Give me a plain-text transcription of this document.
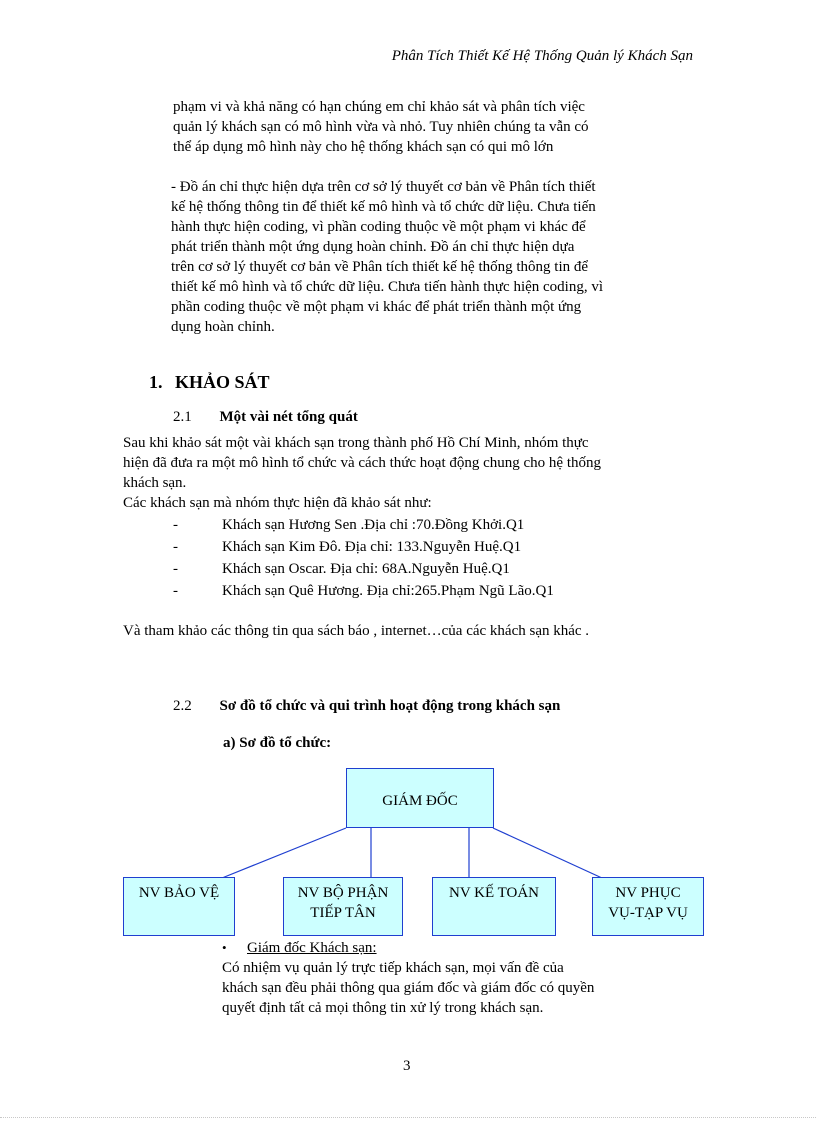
Phân Tích Thiết Kế Hệ Thống Quản lý Khách Sạn
phạm vi và khả năng có hạn chúng em chỉ khảo sát và phân tích việc
quản lý khách sạn có mô hình vừa và nhỏ. Tuy nhiên chúng ta vẫn có
thể áp dụng mô hình này cho hệ thống khách sạn có qui mô lớn
- Đồ án chỉ thực hiện dựa trên cơ sở lý thuyết cơ bản về Phân tích thiết
kế hệ thống thông tin để thiết kế mô hình và tổ chức dữ liệu. Chưa tiến
hành thực hiện coding, vì phần coding thuộc về một phạm vi khác để
phát triển thành một ứng dụng hoàn chỉnh. Đồ án chỉ thực hiện dựa
trên cơ sở lý thuyết cơ bản về Phân tích thiết kế hệ thống thông tin để
thiết kế mô hình và tổ chức dữ liệu. Chưa tiến hành thực hiện coding, vì
phần coding thuộc về một phạm vi khác để phát triển thành một ứng
dụng hoàn chỉnh.
1. KHẢO SÁT
2.1 Một vài nét tổng quát
Sau khi khảo sát một vài khách sạn trong thành phố Hồ Chí Minh, nhóm thực
hiện đã đưa ra một mô hình tổ chức và cách thức hoạt động chung cho hệ thống
khách sạn.
Các khách sạn mà nhóm thực hiện đã khảo sát như:
-	Khách sạn Hương Sen .Địa chỉ :70.Đồng Khởi.Q1
-	Khách sạn Kim Đô. Địa chỉ: 133.Nguyễn Huệ.Q1
-	Khách sạn Oscar. Địa chỉ: 68A.Nguyễn Huệ.Q1
-	Khách sạn Quê Hương. Địa chỉ:265.Phạm Ngũ Lão.Q1
Và tham khảo các thông tin qua sách báo , internet…của các khách sạn khác .
2.2 Sơ đồ tổ chức và qui trình hoạt động trong khách sạn
a) Sơ đồ tổ chức:
GIÁM ĐỐC
NV BẢO VỆ	NV BỘ PHẬN
TIẾP TÂN
NV KẾ TOÁN	NV PHỤC
VỤ-TẠP VỤ
• Giám đốc Khách sạn:
Có nhiệm vụ quản lý trực tiếp khách sạn, mọi vấn đề của
khách sạn đều phải thông qua giám đốc và giám đốc có quyền
quyết định tất cả mọi thông tin xử lý trong khách sạn.
3
